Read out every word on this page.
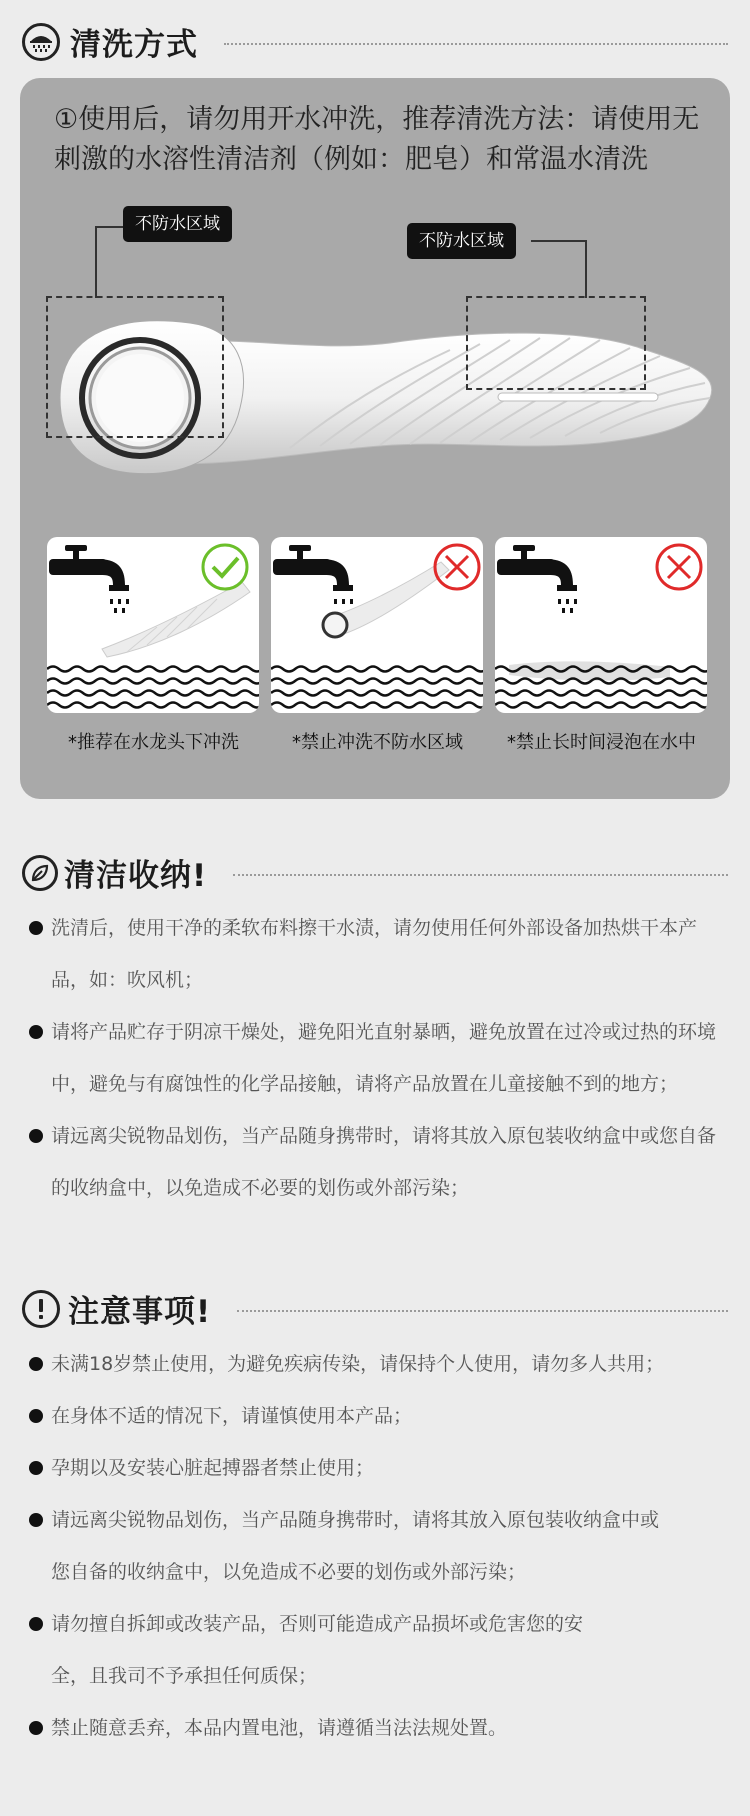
清洗方式

①使用后，请勿用开水冲洗，推荐清洗方法：请使用无刺激的水溶性清洁剂（例如：肥皂）和常温水清洗

不防水区域
不防水区域
*推荐在水龙头下冲洗	*禁止冲洗不防水区域	*禁止长时间浸泡在水中
清洁收纳!
洗清后，使用干净的柔软布料擦干水渍，请勿使用任何外部设备加热烘干本产品，如：吹风机；
请将产品贮存于阴凉干燥处，避免阳光直射暴晒，避免放置在过冷或过热的环境中，避免与有腐蚀性的化学品接触，请将产品放置在儿童接触不到的地方；
请远离尖锐物品划伤，当产品随身携带时，请将其放入原包装收纳盒中或您自备的收纳盒中，以免造成不必要的划伤或外部污染；
注意事项!
未满18岁禁止使用，为避免疾病传染，请保持个人使用，请勿多人共用；
在身体不适的情况下，请谨慎使用本产品；
孕期以及安装心脏起搏器者禁止使用；
请远离尖锐物品划伤，当产品随身携带时，请将其放入原包装收纳盒中或您自备的收纳盒中，以免造成不必要的划伤或外部污染；
请勿擅自拆卸或改装产品，否则可能造成产品损坏或危害您的安全，且我司不予承担任何质保；
禁止随意丢弃，本品内置电池，请遵循当法法规处置。
